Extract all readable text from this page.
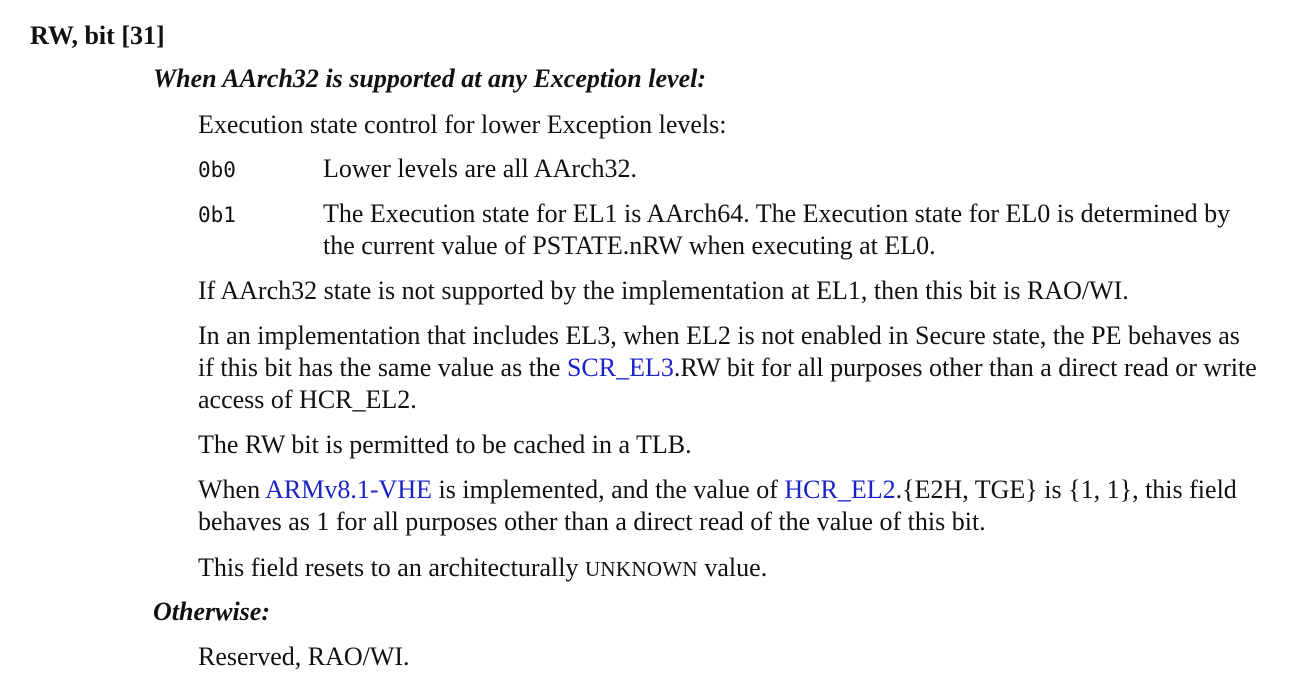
RW, bit [31]
When AArch32 is supported at any Exception level:
Execution state control for lower Exception levels:
0b0	Lower levels are all AArch32.
0b1	The Execution state for EL1 is AArch64. The Execution state for EL0 is determined by the current value of PSTATE.nRW when executing at EL0.
If AArch32 state is not supported by the implementation at EL1, then this bit is RAO/WI.
In an implementation that includes EL3, when EL2 is not enabled in Secure state, the PE behaves as if this bit has the same value as the SCR_EL3.RW bit for all purposes other than a direct read or write access of HCR_EL2.
The RW bit is permitted to be cached in a TLB.
When ARMv8.1-VHE is implemented, and the value of HCR_EL2.{E2H, TGE} is {1, 1}, this field behaves as 1 for all purposes other than a direct read of the value of this bit.
This field resets to an architecturally UNKNOWN value.
Otherwise:
Reserved, RAO/WI.
